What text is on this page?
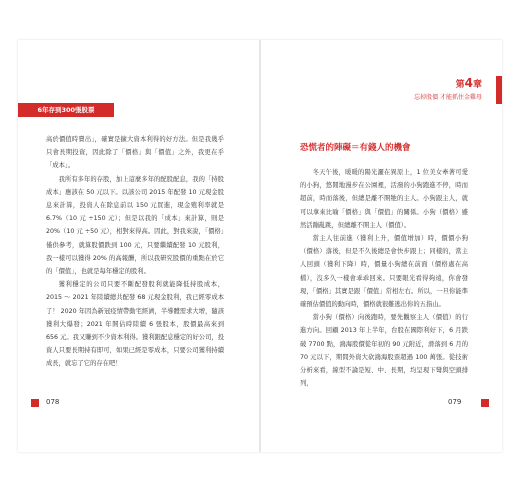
6年存到300張股票

高於價值時賣出」，確實是擴大資本利得的好方法。但是我幾乎只會長期投資，因此除了「價格」與「價值」之外，我更在乎「成本」。

我所有多年的存股，加上這麼多年的配股配息，我的「持股成本」應該在 50 元以下。以該公司 2015 年配發 10 元現金股息來計算，投資人在除息前以 150 元買進，現金殖利率就是 6.7%（10 元 ÷150 元）；但是以我的「成本」來計算，則是 20%（10 元 ÷50 元），相對來得高。因此，對我來說，「價格」僅供參考，就算股價跌到 100 元，只要繼續配發 10 元股利，我一樣可以獲得 20% 的高報酬，所以我研究股價的重點在於它的「價值」，也就是每年穩定的股利。

獲利穩定的公司只要不斷配發股利就能降低持股成本，2015 ～ 2021 年陸續總共配發 68 元現金股利，我已經零成本了！ 2020 年因為新冠疫情帶動宅經濟，半導體需求大增，隨該獲利大爆發；2021 年開佔時陸續 6 張股本，股價最高來到 656 元。我又賺到不少資本利得。獲利跟配息穩定的好公司，投資人只要長期持有即可，如果已經是零成本，只要公司獲利持續成長，就忘了它的存在吧！

078
第4章
忘掉股價 才能抓住金雞母
恐慌者的陣礙＝有錢人的機會

冬天午後，暖暖的陽光灑在異原上，1 位美女牽著可愛的小狗，悠閒地漫步在公園裡，活潑的小狗跑進不停，時而超前，時而落後，但總是離不開牠的主人。小狗跟主人，就可以拿來比喻「價格」與「價值」的關係。小狗（價格）雖然活蹦亂跳，但總離不開主人（價值）。

當主人往前進（獲利上升，價值增加）時，價價小狗（價格）落後，但是不久後總是會快步跟上；同樣的，當主人回頭（獲利下降）時，價量小狗總在前面（價格處在高檔），沒多久一樣會乖乖回來。只要眼光看得夠遠，你會發現，「價格」其實是跟「價值」常相左右。所以，一旦你能準確預估價值的動向時，價格就很難逃出你的五指山。

當小狗（價格）向後跑時，要先觀察主人（價值）的行進方向。回顧 2013 年上半年，台股在國際利好下，6 月跌破 7700 點，鴻海股價從年初的 90 元附近，滑落到 6 月的 70 元以下，期間外資大砍鴻海股票超過 100 萬張。從技術分析來看，線型不論是短、中、長期，均呈現下彎與空頭排列，

079
